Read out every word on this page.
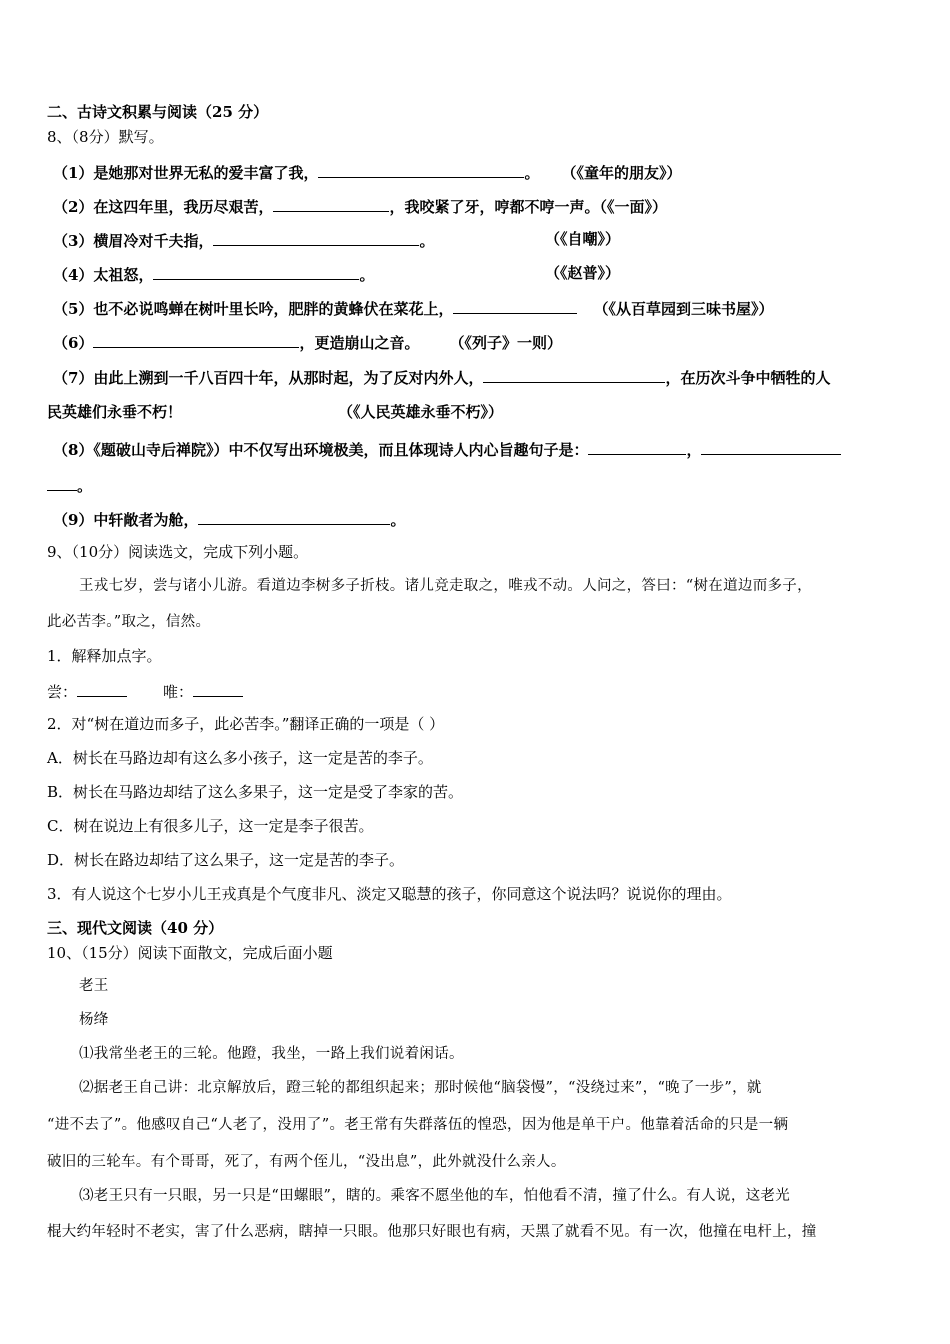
二、古诗文积累与阅读（25 分）
8、（8分）默写。
（1）是她那对世界无私的爱丰富了我，	。 （《童年的朋友》）
（2）在这四年里，我历尽艰苦，	，我咬紧了牙，哼都不哼一声。（《一面》）
（3）横眉冷对千夫指，	。	（《自嘲》）
（4）太祖怒，	。	（《赵普》）
（5）也不必说鸣蝉在树叶里长吟，肥胖的黄蜂伏在菜花上，	（《从百草园到三味书屋》）
（6）	，更造崩山之音。 （《列子》一则）
（7）由此上溯到一千八百四十年，从那时起，为了反对内外人，	，在历次斗争中牺牲的人
民英雄们永垂不朽！	（《人民英雄永垂不朽》）
（8）《题破山寺后禅院》）中不仅写出环境极美，而且体现诗人内心旨趣句子是：	，
。
（9）中轩敞者为舱，	。
9、（10分）阅读选文，完成下列小题。
王戎七岁，尝与诸小儿游。看道边李树多子折枝。诸儿竞走取之，唯戎不动。人问之，答曰：“树在道边而多子，
此必苦李。”取之，信然。
1．解释加点字。
尝：	唯：
2．对“树在道边而多子，此必苦李。”翻译正确的一项是（ ）
A．树长在马路边却有这么多小孩子，这一定是苦的李子。
B．树长在马路边却结了这么多果子，这一定是受了李家的苦。
C．树在说边上有很多儿子，这一定是李子很苦。
D．树长在路边却结了这么果子，这一定是苦的李子。
3．有人说这个七岁小儿王戎真是个气度非凡、淡定又聪慧的孩子，你同意这个说法吗？说说你的理由。
三、现代文阅读（40 分）
10、（15分）阅读下面散文，完成后面小题
老王
杨绛
⑴我常坐老王的三轮。他蹬，我坐，一路上我们说着闲话。
⑵据老王自己讲：北京解放后，蹬三轮的都组织起来；那时候他“脑袋慢”，“没绕过来”，“晚了一步”，就
“进不去了”。他感叹自己“人老了，没用了”。老王常有失群落伍的惶恐，因为他是单干户。他靠着活命的只是一辆
破旧的三轮车。有个哥哥，死了，有两个侄儿，“没出息”，此外就没什么亲人。
⑶老王只有一只眼，另一只是“田螺眼”，瞎的。乘客不愿坐他的车，怕他看不清，撞了什么。有人说，这老光
棍大约年轻时不老实，害了什么恶病，瞎掉一只眼。他那只好眼也有病，天黑了就看不见。有一次，他撞在电杆上，撞
